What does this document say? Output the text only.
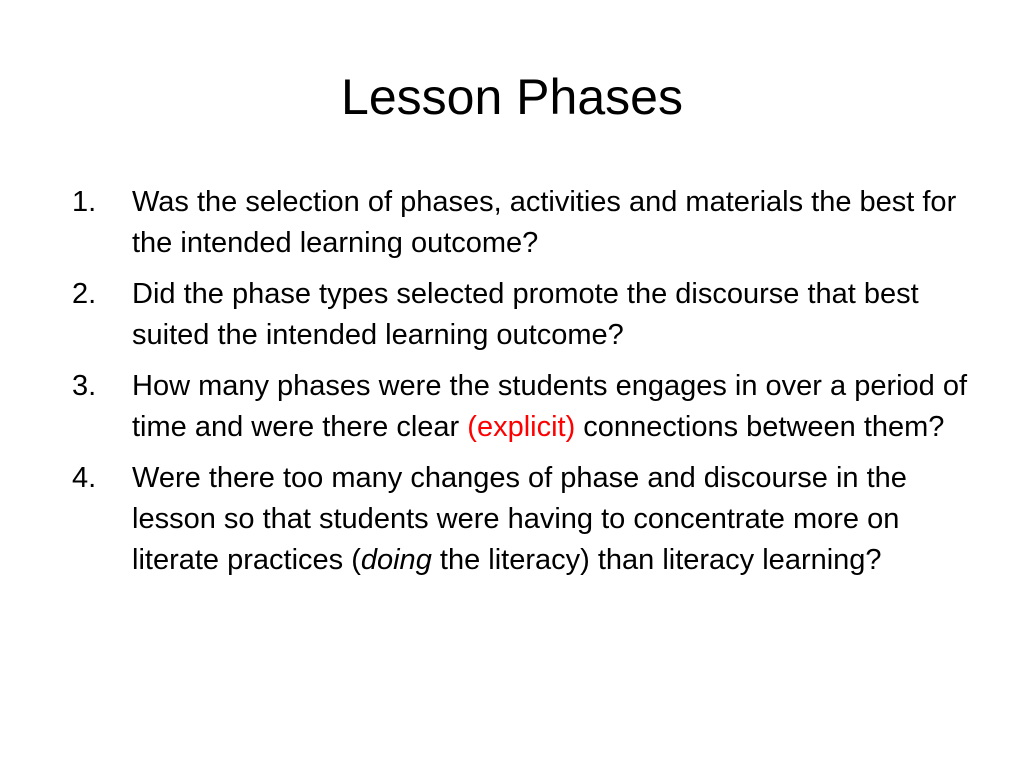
Lesson Phases
1.	Was the selection of phases, activities and materials the best for the intended learning outcome?
2.	Did the phase types selected promote the discourse that best suited the intended learning outcome?
3.	How many phases were the students engages in over a period of time and were there clear (explicit) connections between them?
4.	Were there too many changes of phase and discourse in the lesson so that students were having to concentrate more on literate practices (doing the literacy) than literacy learning?
